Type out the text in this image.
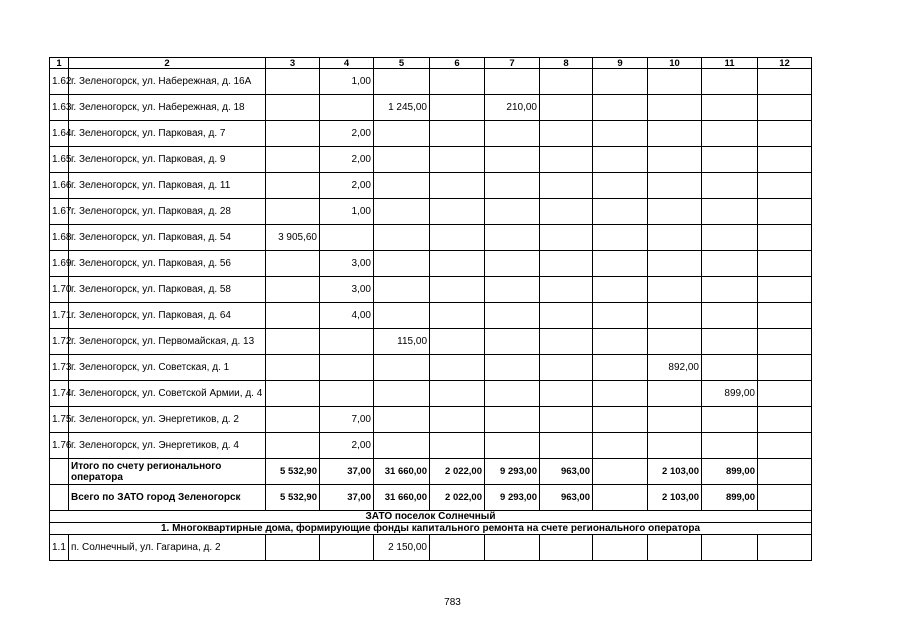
1	2	3	4	5	6	7	8	9	10	11	12
1.62	г. Зеленогорск, ул. Набережная, д. 16А		1,00								
1.63	г. Зеленогорск, ул. Набережная, д. 18			1 245,00		210,00					
1.64	г. Зеленогорск, ул. Парковая, д. 7		2,00								
1.65	г. Зеленогорск, ул. Парковая, д. 9		2,00								
1.66	г. Зеленогорск, ул. Парковая, д. 11		2,00								
1.67	г. Зеленогорск, ул. Парковая, д. 28		1,00								
1.68	г. Зеленогорск, ул. Парковая, д. 54	3 905,60									
1.69	г. Зеленогорск, ул. Парковая, д. 56		3,00								
1.70	г. Зеленогорск, ул. Парковая, д. 58		3,00								
1.71	г. Зеленогорск, ул. Парковая, д. 64		4,00								
1.72	г. Зеленогорск, ул. Первомайская, д. 13			115,00							
1.73	г. Зеленогорск, ул. Советская, д. 1								892,00		
1.74	г. Зеленогорск, ул. Советской Армии, д. 4									899,00	
1.75	г. Зеленогорск, ул. Энергетиков, д. 2		7,00								
1.76	г. Зеленогорск, ул. Энергетиков, д. 4		2,00								
	Итого по счету регионального оператора	5 532,90	37,00	31 660,00	2 022,00	9 293,00	963,00		2 103,00	899,00	
	Всего по ЗАТО город Зеленогорск	5 532,90	37,00	31 660,00	2 022,00	9 293,00	963,00		2 103,00	899,00	
ЗАТО поселок Солнечный											
1. Многоквартирные дома, формирующие фонды капитального ремонта на счете регионального оператора											
1.1	п. Солнечный, ул. Гагарина, д. 2			2 150,00							
783
